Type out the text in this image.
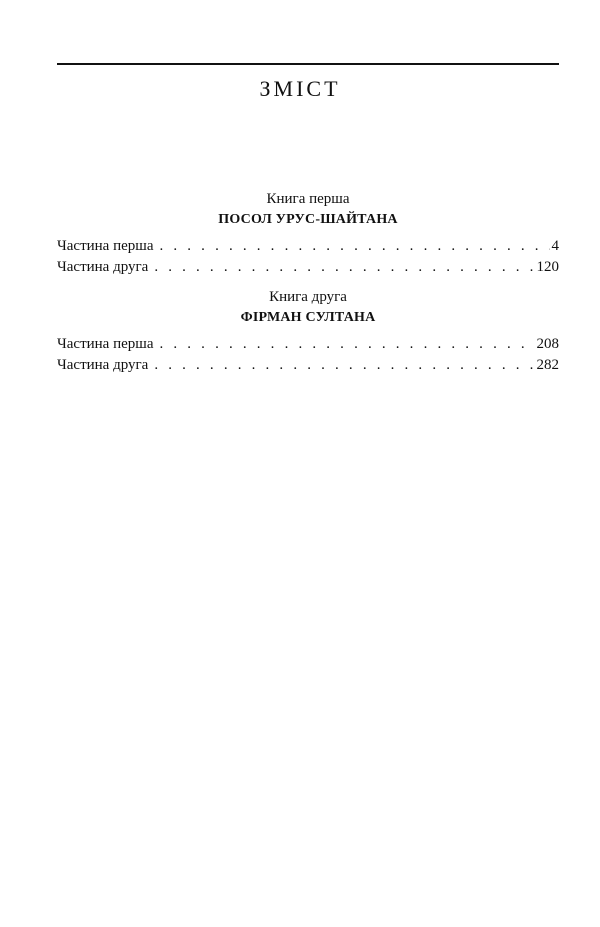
ЗМІСТ
Книга перша
ПОСОЛ УРУС-ШАЙТАНА
Частина перша . . .	4
Частина друга . . .	120
Книга друга
ФІРМАН СУЛТАНА
Частина перша . . .	208
Частина друга . . .	282
